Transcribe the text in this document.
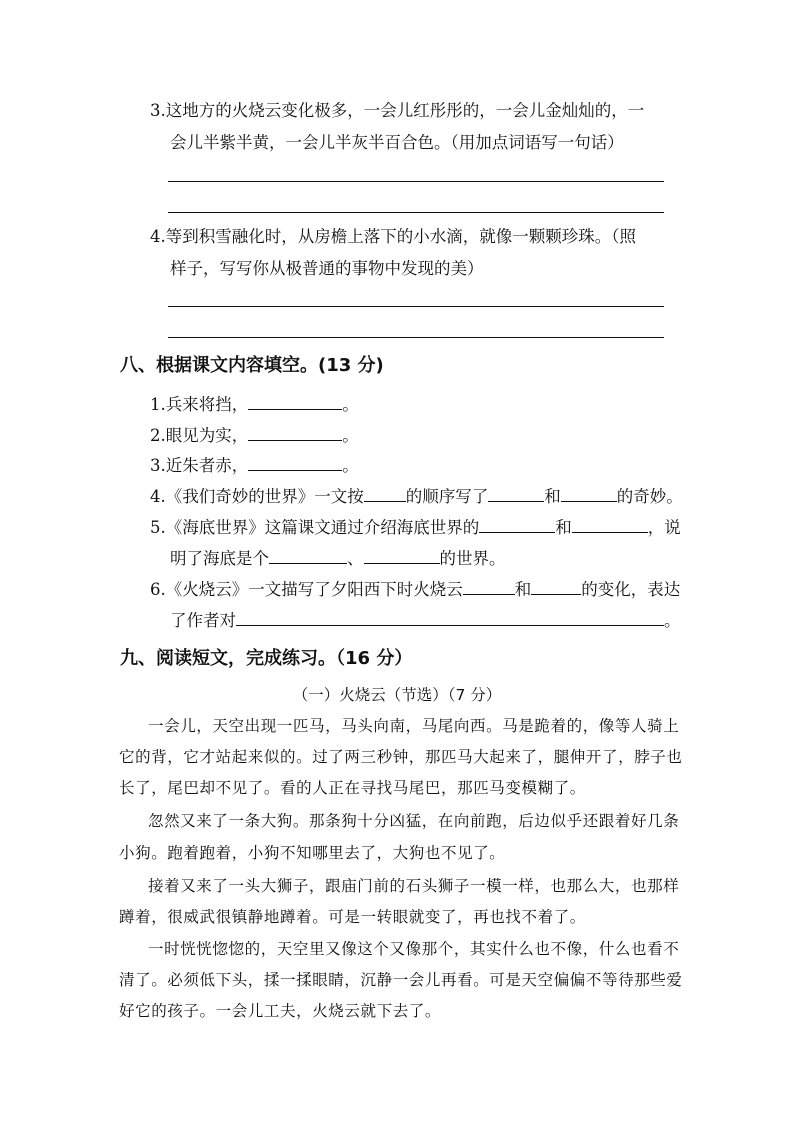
3.这地方的火烧云变化极多，一会儿红彤彤的，一会儿金灿灿的，一
会儿半紫半黄，一会儿半灰半百合色。（用加点词语写一句话）
4.等到积雪融化时，从房檐上落下的小水滴，就像一颗颗珍珠。（照
样子，写写你从极普通的事物中发现的美）
八、根据课文内容填空。(13 分)
1.兵来将挡，	。
2.眼见为实，	。
3.近朱者赤，	。
4.《我们奇妙的世界》一文按	的顺序写了	和	的奇妙。
5.《海底世界》这篇课文通过介绍海底世界的	和	，说
明了海底是个	、	的世界。
6.《火烧云》一文描写了夕阳西下时火烧云	和	的变化，表达
了作者对	。
九、阅读短文，完成练习。（16 分）
（一）火烧云（节选）（7 分）
一会儿，天空出现一匹马，马头向南，马尾向西。马是跪着的，像等人骑上
它的背，它才站起来似的。过了两三秒钟，那匹马大起来了，腿伸开了，脖子也
长了，尾巴却不见了。看的人正在寻找马尾巴，那匹马变模糊了。
忽然又来了一条大狗。那条狗十分凶猛，在向前跑，后边似乎还跟着好几条
小狗。跑着跑着，小狗不知哪里去了，大狗也不见了。
接着又来了一头大狮子，跟庙门前的石头狮子一模一样，也那么大，也那样
蹲着，很威武很镇静地蹲着。可是一转眼就变了，再也找不着了。
一时恍恍惚惚的，天空里又像这个又像那个，其实什么也不像，什么也看不
清了。必须低下头，揉一揉眼睛，沉静一会儿再看。可是天空偏偏不等待那些爱
好它的孩子。一会儿工夫，火烧云就下去了。
